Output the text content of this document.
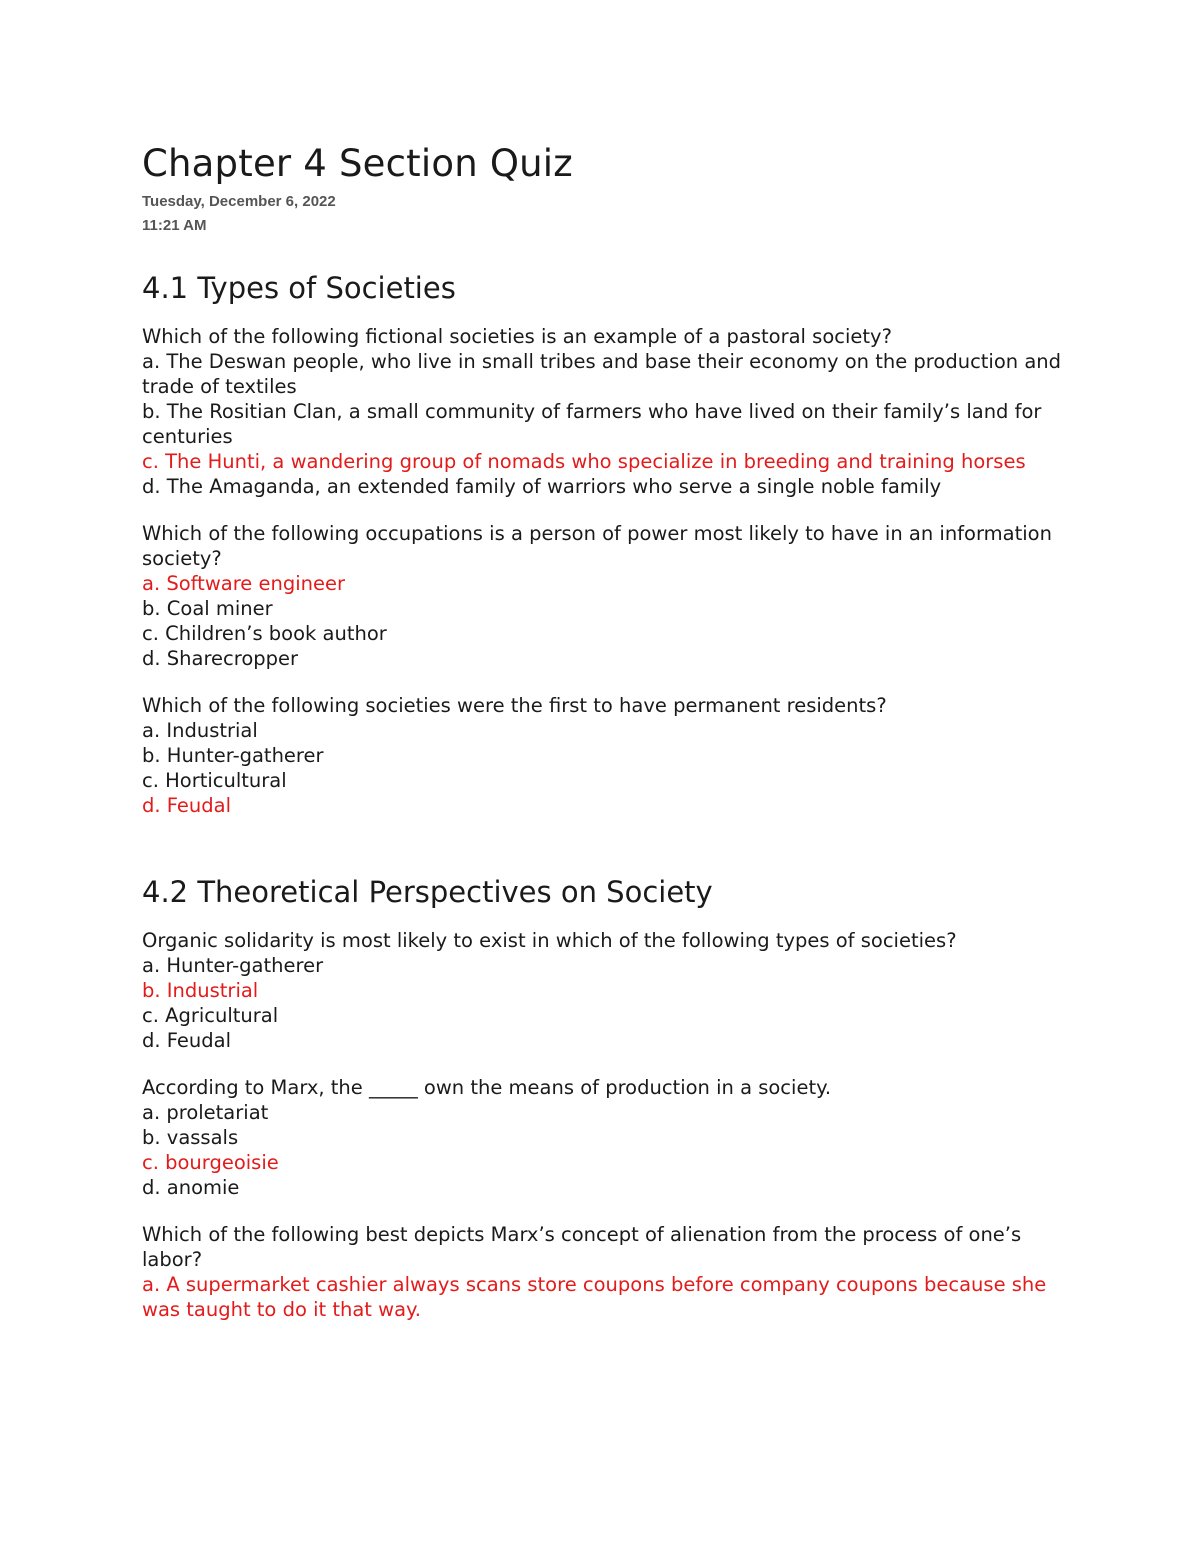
Chapter 4 Section Quiz
Tuesday, December 6, 2022
11:21 AM
4.1 Types of Societies
Which of the following fictional societies is an example of a pastoral society?
a. The Deswan people, who live in small tribes and base their economy on the production and trade of textiles
b. The Rositian Clan, a small community of farmers who have lived on their family’s land for centuries
c. The Hunti, a wandering group of nomads who specialize in breeding and training horses
d. The Amaganda, an extended family of warriors who serve a single noble family
Which of the following occupations is a person of power most likely to have in an information society?
a. Software engineer
b. Coal miner
c. Children’s book author
d. Sharecropper
Which of the following societies were the first to have permanent residents?
a. Industrial
b. Hunter-gatherer
c. Horticultural
d. Feudal
4.2 Theoretical Perspectives on Society
Organic solidarity is most likely to exist in which of the following types of societies?
a. Hunter-gatherer
b. Industrial
c. Agricultural
d. Feudal
According to Marx, the _____ own the means of production in a society.
a. proletariat
b. vassals
c. bourgeoisie
d. anomie
Which of the following best depicts Marx’s concept of alienation from the process of one’s labor?
a. A supermarket cashier always scans store coupons before company coupons because she was taught to do it that way.
